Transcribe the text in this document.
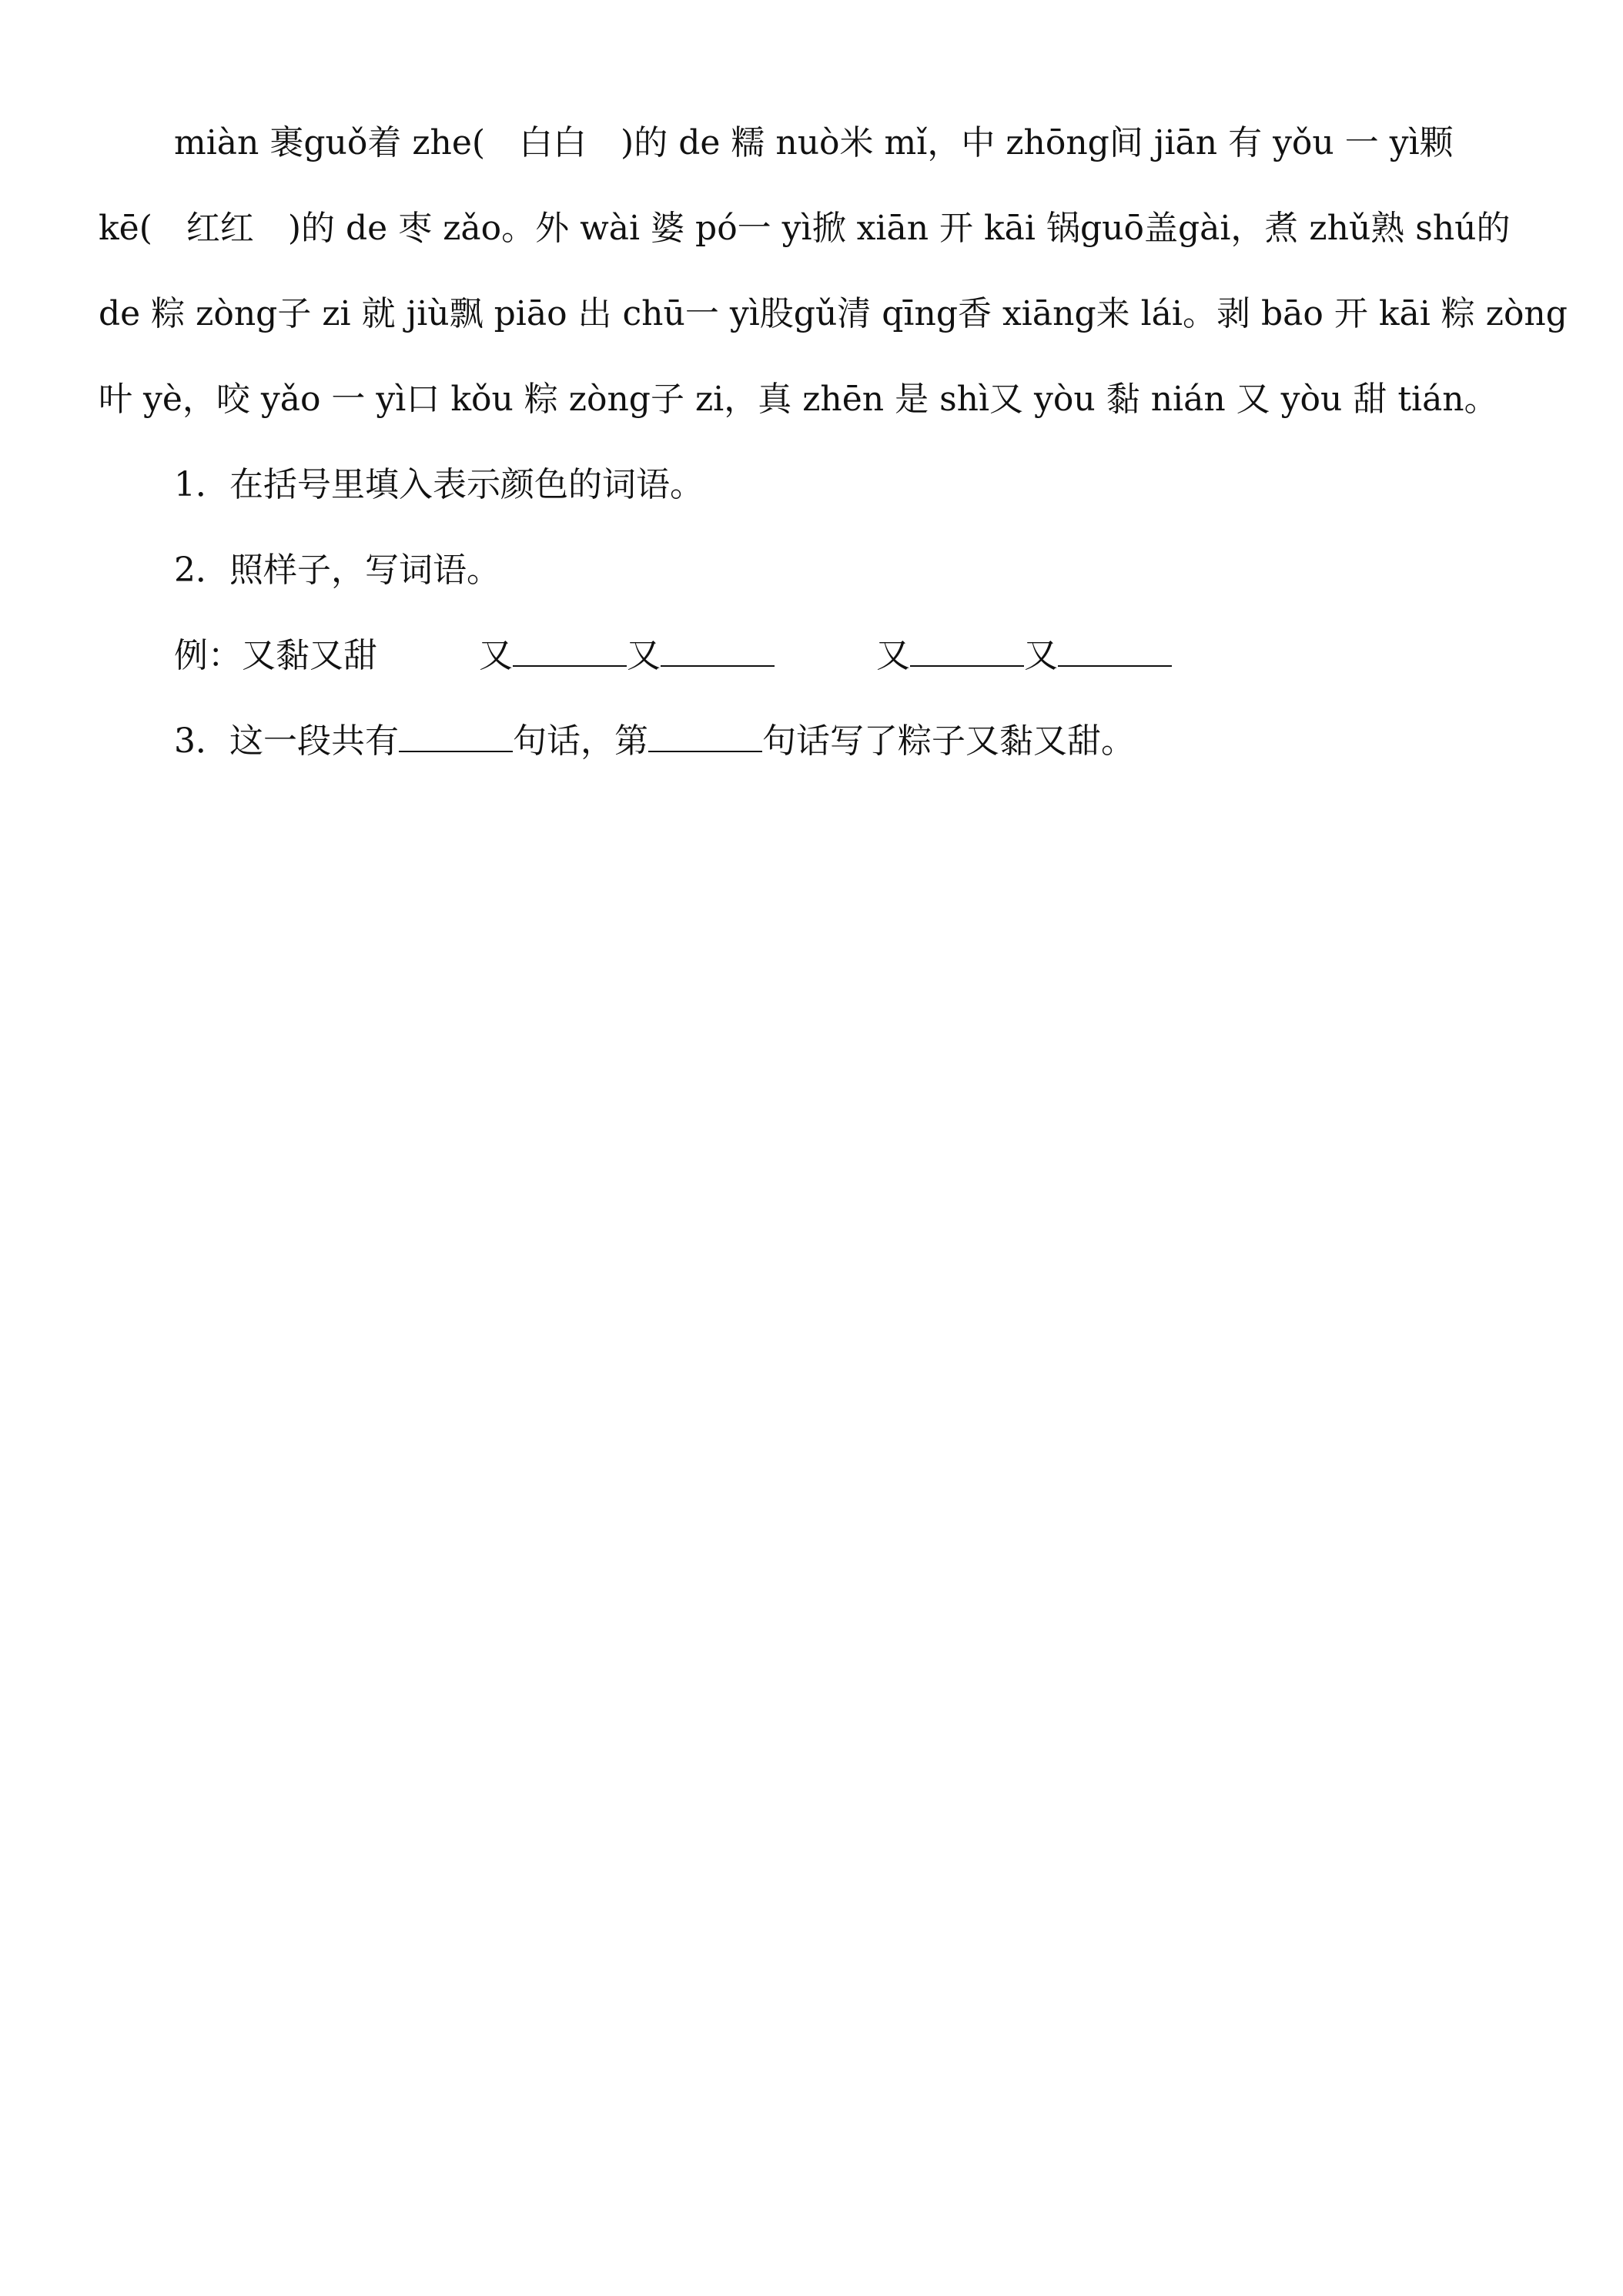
miàn 裹guǒ着 zhe(　白白　)的 de 糯 nuò米 mǐ，中 zhōng间 jiān 有 yǒu 一 yì颗
kē(　红红　)的 de 枣 zǎo。外 wài 婆 pó一 yì掀 xiān 开 kāi 锅guō盖gài，煮 zhǔ熟 shú的
de 粽 zòng子 zi 就 jiù飘 piāo 出 chū一 yì股gǔ清 qīng香 xiāng来 lái。剥 bāo 开 kāi 粽 zòng
叶 yè，咬 yǎo 一 yì口 kǒu 粽 zòng子 zi，真 zhēn 是 shì又 yòu 黏 nián 又 yòu 甜 tián。
1．在括号里填入表示颜色的词语。
2．照样子，写词语。
例：又黏又甜	又	又	又	又
3．这一段共有	句话，第	句话写了粽子又黏又甜。
